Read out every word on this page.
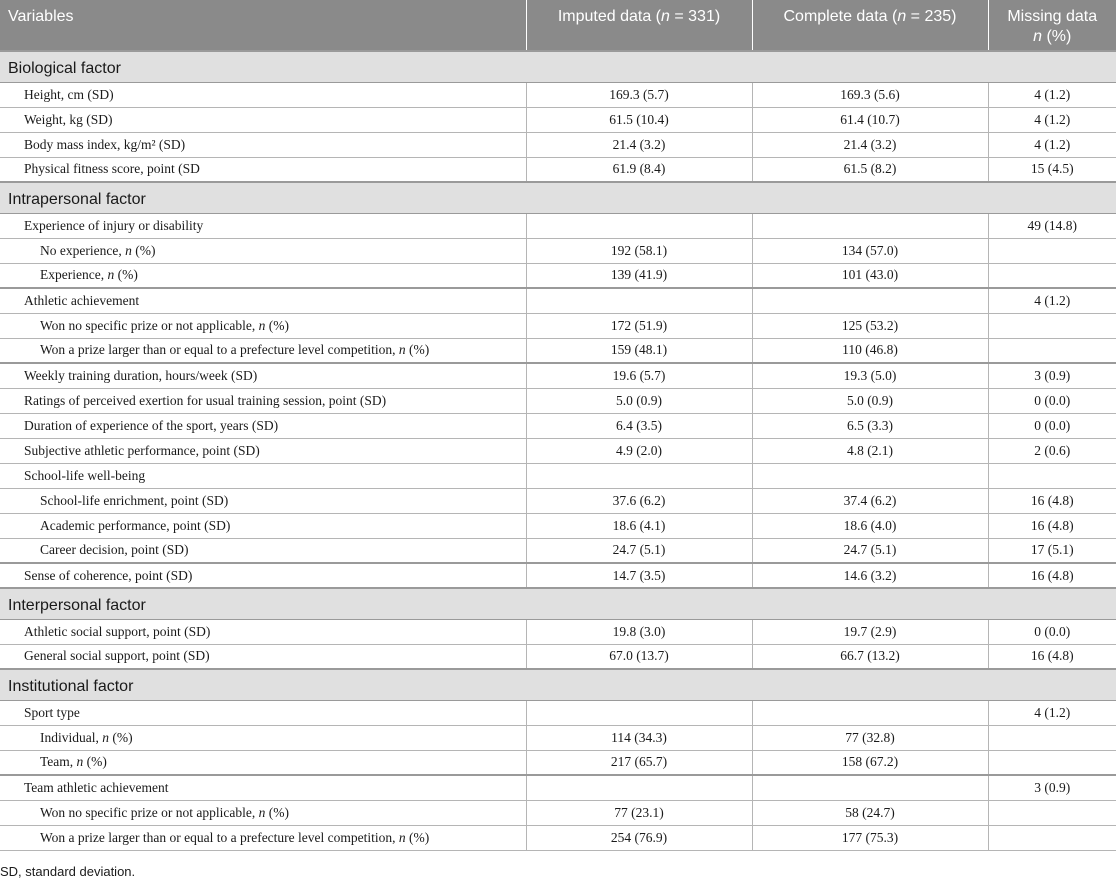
Variables	Imputed data (n = 331)	Complete data (n = 235)	Missing data
n (%)
Biological factor			
Height, cm (SD)	169.3 (5.7)	169.3 (5.6)	4 (1.2)
Weight, kg (SD)	61.5 (10.4)	61.4 (10.7)	4 (1.2)
Body mass index, kg/m² (SD)	21.4 (3.2)	21.4 (3.2)	4 (1.2)
Physical fitness score, point (SD	61.9 (8.4)	61.5 (8.2)	15 (4.5)
Intrapersonal factor			
Experience of injury or disability			49 (14.8)
No experience, n (%)	192 (58.1)	134 (57.0)	
Experience, n (%)	139 (41.9)	101 (43.0)	
Athletic achievement			4 (1.2)
Won no specific prize or not applicable, n (%)	172 (51.9)	125 (53.2)	
Won a prize larger than or equal to a prefecture level competition, n (%)	159 (48.1)	110 (46.8)	
Weekly training duration, hours/week (SD)	19.6 (5.7)	19.3 (5.0)	3 (0.9)
Ratings of perceived exertion for usual training session, point (SD)	5.0 (0.9)	5.0 (0.9)	0 (0.0)
Duration of experience of the sport, years (SD)	6.4 (3.5)	6.5 (3.3)	0 (0.0)
Subjective athletic performance, point (SD)	4.9 (2.0)	4.8 (2.1)	2 (0.6)
School-life well-being			
School-life enrichment, point (SD)	37.6 (6.2)	37.4 (6.2)	16 (4.8)
Academic performance, point (SD)	18.6 (4.1)	18.6 (4.0)	16 (4.8)
Career decision, point (SD)	24.7 (5.1)	24.7 (5.1)	17 (5.1)
Sense of coherence, point (SD)	14.7 (3.5)	14.6 (3.2)	16 (4.8)
Interpersonal factor			
Athletic social support, point (SD)	19.8 (3.0)	19.7 (2.9)	0 (0.0)
General social support, point (SD)	67.0 (13.7)	66.7 (13.2)	16 (4.8)
Institutional factor			
Sport type			4 (1.2)
Individual, n (%)	114 (34.3)	77 (32.8)	
Team, n (%)	217 (65.7)	158 (67.2)	
Team athletic achievement			3 (0.9)
Won no specific prize or not applicable, n (%)	77 (23.1)	58 (24.7)	
Won a prize larger than or equal to a prefecture level competition, n (%)	254 (76.9)	177 (75.3)	
SD, standard deviation.
